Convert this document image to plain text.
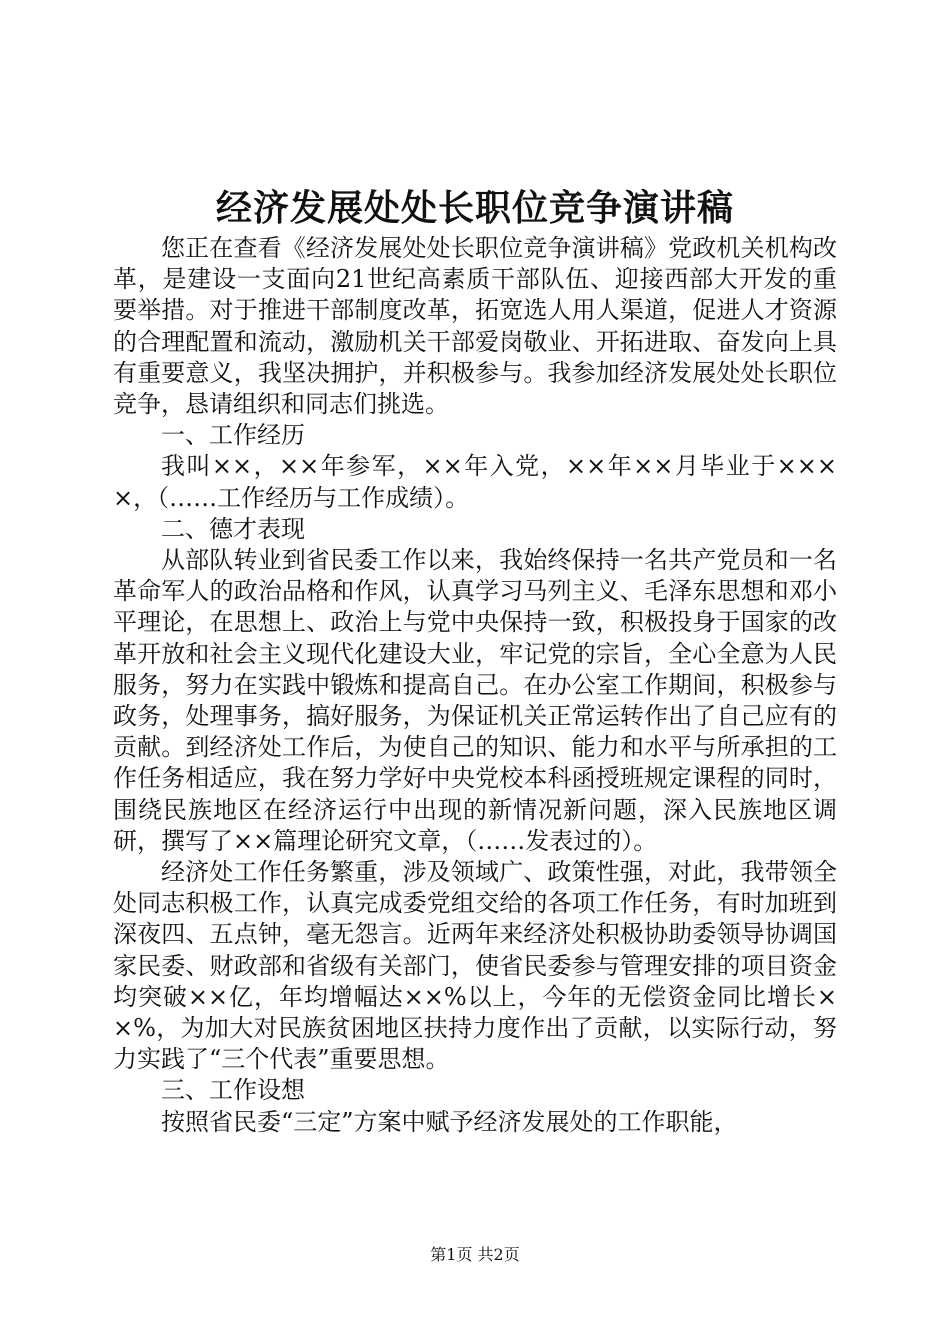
经济发展处处长职位竞争演讲稿

您正在查看《经济发展处处长职位竞争演讲稿》党政机关机构改革，是建设一支面向21世纪高素质干部队伍、迎接西部大开发的重要举措。对于推进干部制度改革，拓宽选人用人渠道，促进人才资源的合理配置和流动，激励机关干部爱岗敬业、开拓进取、奋发向上具有重要意义，我坚决拥护，并积极参与。我参加经济发展处处长职位竞争，恳请组织和同志们挑选。

一、工作经历

我叫××，××年参军，××年入党，××年××月毕业于××××，（……工作经历与工作成绩）。

二、德才表现

从部队转业到省民委工作以来，我始终保持一名共产党员和一名革命军人的政治品格和作风，认真学习马列主义、毛泽东思想和邓小平理论，在思想上、政治上与党中央保持一致，积极投身于国家的改革开放和社会主义现代化建设大业，牢记党的宗旨，全心全意为人民服务，努力在实践中锻炼和提高自己。在办公室工作期间，积极参与政务，处理事务，搞好服务，为保证机关正常运转作出了自己应有的贡献。到经济处工作后，为使自己的知识、能力和水平与所承担的工作任务相适应，我在努力学好中央党校本科函授班规定课程的同时，围绕民族地区在经济运行中出现的新情况新问题，深入民族地区调研，撰写了××篇理论研究文章，（……发表过的）。

经济处工作任务繁重，涉及领域广、政策性强，对此，我带领全处同志积极工作，认真完成委党组交给的各项工作任务，有时加班到深夜四、五点钟，毫无怨言。近两年来经济处积极协助委领导协调国家民委、财政部和省级有关部门，使省民委参与管理安排的项目资金均突破××亿，年均增幅达××%以上，今年的无偿资金同比增长××%，为加大对民族贫困地区扶持力度作出了贡献，以实际行动，努力实践了“三个代表”重要思想。

三、工作设想

按照省民委“三定”方案中赋予经济发展处的工作职能，

第1页 共2页
